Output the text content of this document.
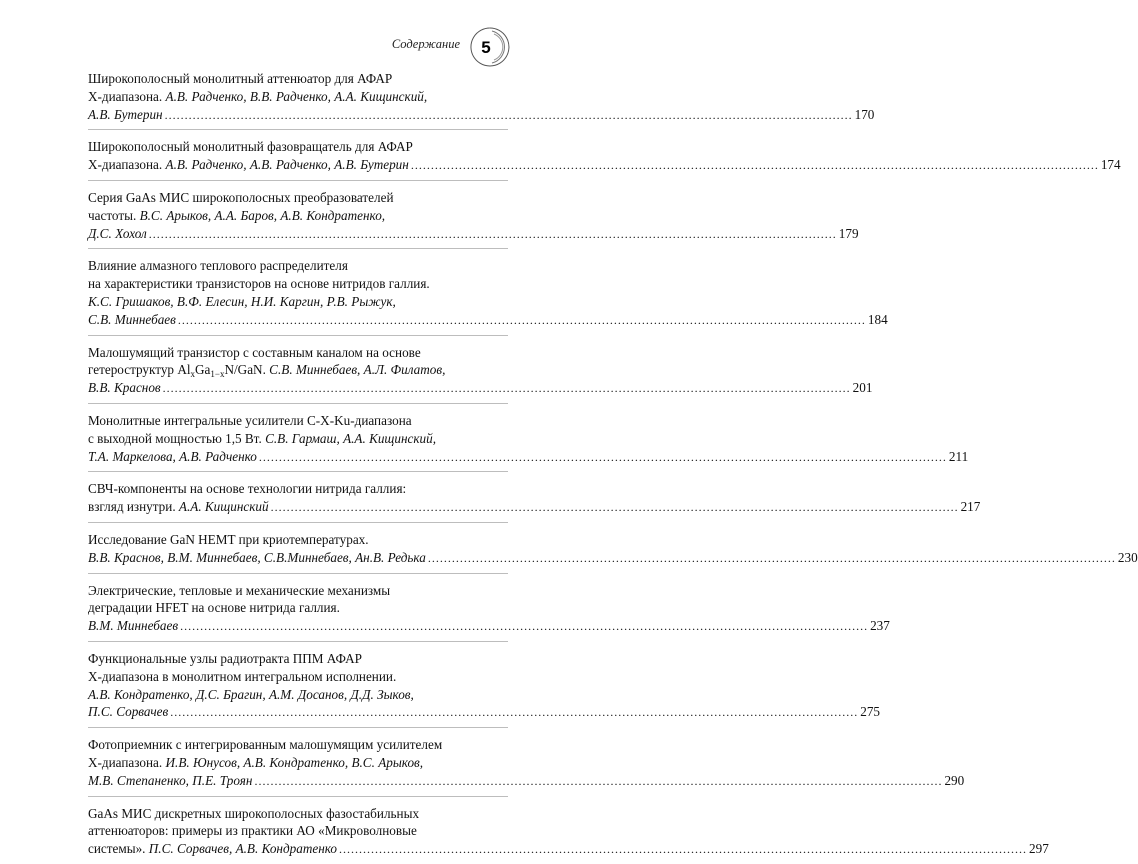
Содержание 5
Широкополосный монолитный аттенюатор для АФАР
Х-диапазона. А.В. Радченко, В.В. Радченко, А.А. Кищинский,
А.В. Бутерин ............................................................................................................................................................................ 170
Широкополосный монолитный фазовращатель для АФАР
Х-диапазона. А.В. Радченко, А.В. Радченко, А.В. Бутерин ............................................................................................................................................................................ 174
Серия GaAs МИС широкополосных преобразователей
частоты. В.С. Арыков, А.А. Баров, А.В. Кондратенко,
Д.С. Хохол ............................................................................................................................................................................ 179
Влияние алмазного теплового распределителя
на характеристики транзисторов на основе нитридов галлия.
К.С. Гришаков, В.Ф. Елесин, Н.И. Каргин, Р.В. Рыжук,
С.В. Миннебаев ............................................................................................................................................................................ 184
Малошумящий транзистор с составным каналом на основе
гетероструктур $Al_xGa_{1-x}N$/GaN. С.В. Миннебаев, А.Л. Филатов,
В.В. Краснов ............................................................................................................................................................................ 201
Монолитные интегральные усилители C-X-Ku-диапазона
с выходной мощностью 1,5 Вт. С.В. Гармаш, А.А. Кищинский,
Т.А. Маркелова, А.В. Радченко ............................................................................................................................................................................ 211
СВЧ-компоненты на основе технологии нитрида галлия:
взгляд изнутри. А.А. Кищинский ............................................................................................................................................................................ 217
Исследование GaN HEMT при криотемпературах.
В.В. Краснов, В.М. Миннебаев, С.В.Миннебаев, Ан.В. Редька ............................................................................................................................................................................ 230
Электрические, тепловые и механические механизмы
деградации HFET на основе нитрида галлия.
В.М. Миннебаев ............................................................................................................................................................................ 237
Функциональные узлы радиотракта ППМ АФАР
Х-диапазона в монолитном интегральном исполнении.
А.В. Кондратенко, Д.С. Брагин, А.М. Досанов, Д.Д. Зыков,
П.С. Сорвачев ............................................................................................................................................................................ 275
Фотоприемник с интегрированным малошумящим усилителем
Х-диапазона. И.В. Юнусов, А.В. Кондратенко, В.С. Арыков,
М.В. Степаненко, П.Е. Троян ............................................................................................................................................................................ 290
GaAs МИС дискретных широкополосных фазостабильных
аттенюаторов: примеры из практики АО «Микроволновые
системы». П.С. Сорвачев, А.В. Кондратенко ............................................................................................................................................................................ 297
